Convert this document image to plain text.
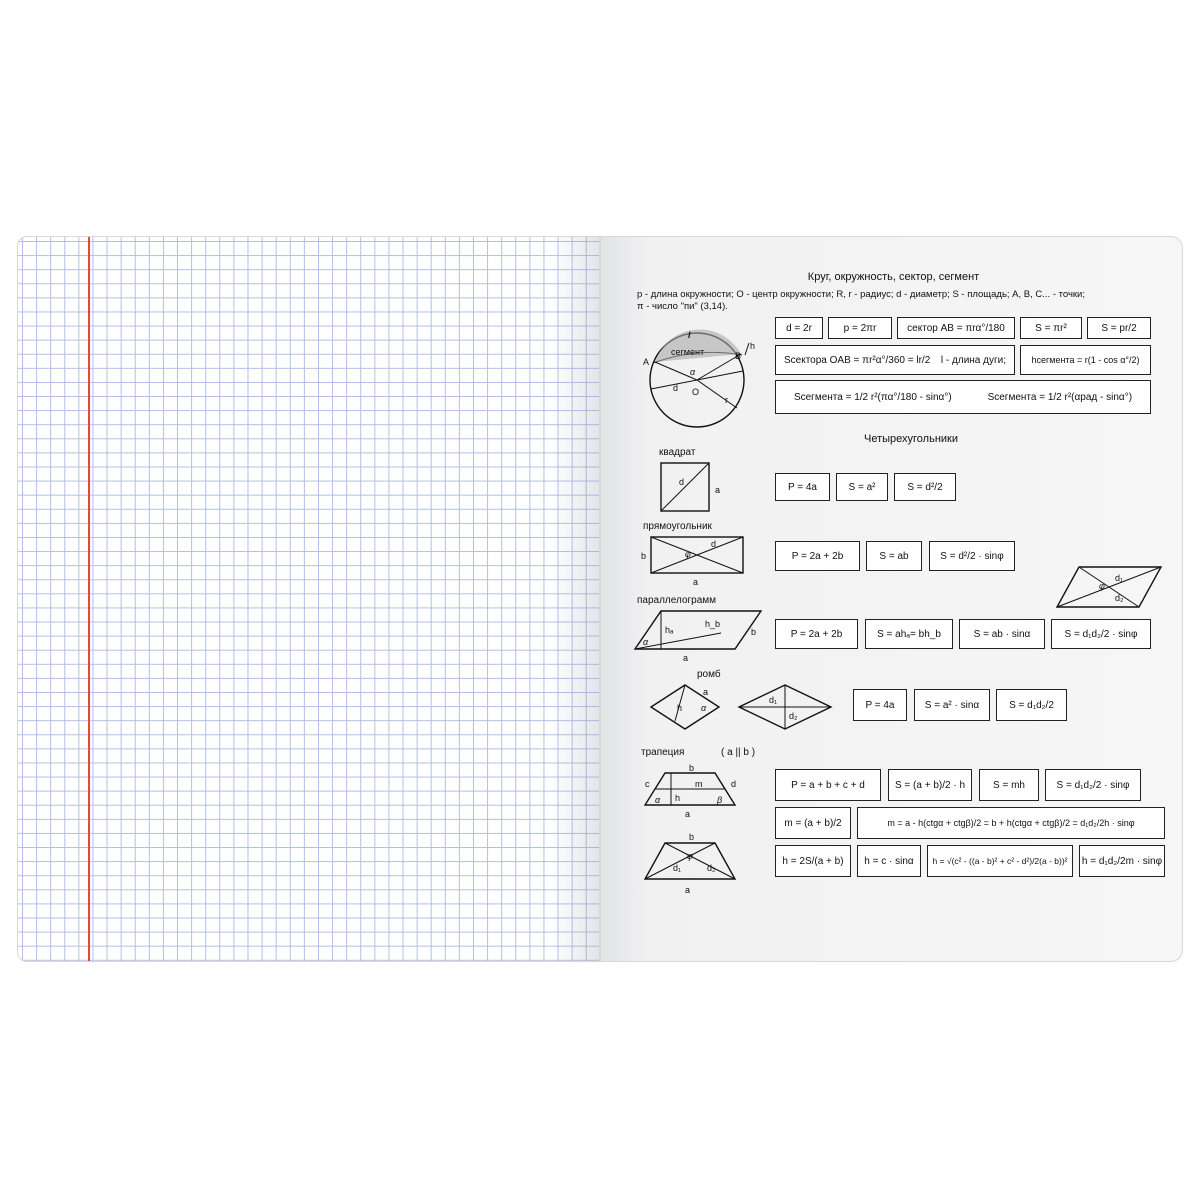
Круг, окружность, сектор, сегмент
p - длина окружности; O - центр окружности; R, r - радиус; d - диаметр; S - площадь; A, B, C... - точки;
π - число "пи" (3,14).
l
h
B
A
сегмент
α
d O
r
d = 2r	p = 2πr	сектор AB = πrα°/180	S = πr²	S = pr/2
Sсектора OAB = πr²α°/360 = lr/2 l - длина дуги;	hсегмента = r(1 - cos α°/2)
Sсегмента = 1/2 r²(πα°/180 - sinα°)	Sсегмента = 1/2 r²(αрад - sinα°)
Четырехугольники
квадрат
d
a	P = 4a	S = a²	S = d²/2
прямоугольник
b	φ
d
a
P = 2a + 2b	S = ab	S = d²/2 · sinφ
φ
d₁
d₂
параллелограмм
hₐ
h_b
b
α
a
P = 2a + 2b	S = ahₐ= bh_b	S = ab · sinα	S = d₁d₂/2 · sinφ
ромб
h α
a
d₁
d₂
P = 4a	S = a² · sinα	S = d₁d₂/2
трапеция	( a || b )
b
c	m	d
h
α	β
a
b
φ
d₁	d₂
a
P = a + b + c + d	S = (a + b)/2 · h	S = mh	S = d₁d₂/2 · sinφ
m = (a + b)/2	m = a - h(ctgα + ctgβ)/2 = b + h(ctgα + ctgβ)/2 = d₁d₂/2h · sinφ
h = 2S/(a + b)	h = c · sinα	h = √(c² - ((a - b)² + c² - d²)/2(a - b))²	h = d₁d₂/2m · sinφ
